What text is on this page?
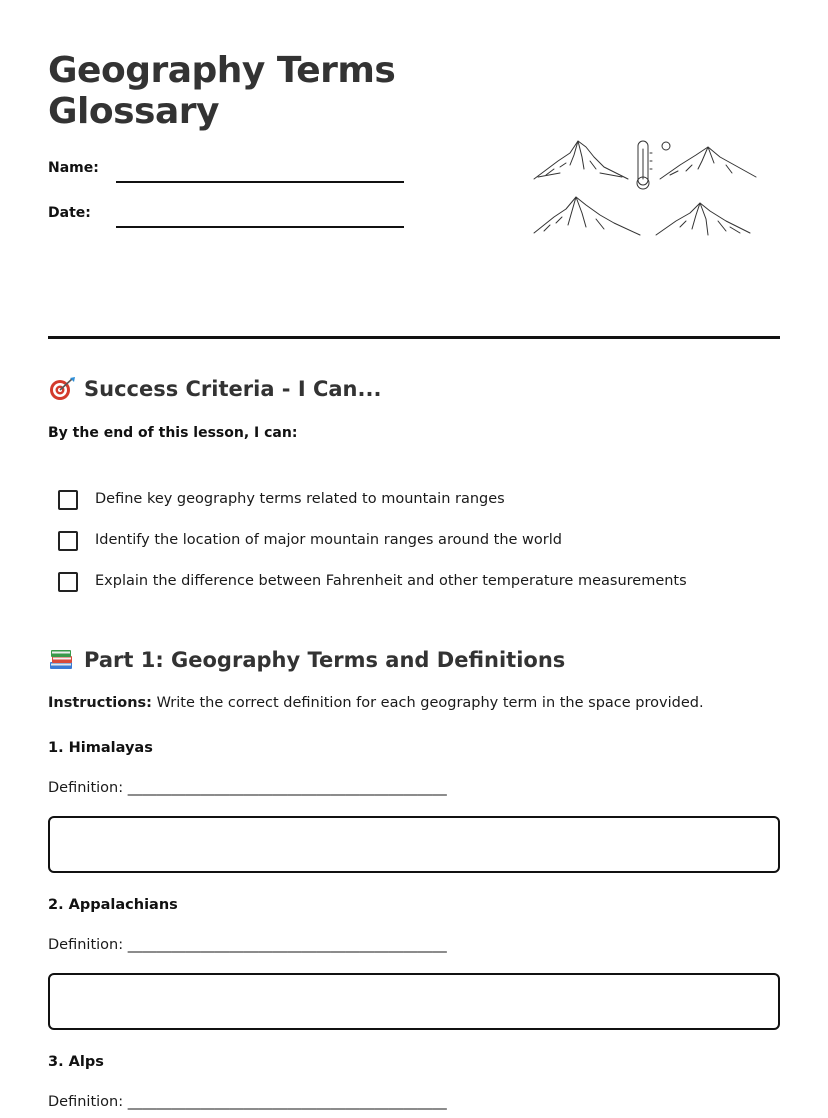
Geography Terms
Glossary
Name:
Date:
Success Criteria - I Can...
By the end of this lesson, I can:
Define key geography terms related to mountain ranges
Identify the location of major mountain ranges around the world
Explain the difference between Fahrenheit and other temperature measurements
Part 1: Geography Terms and Definitions
Instructions: Write the correct definition for each geography term in the space provided.
1. Himalayas
Definition: ____________________________________________
2. Appalachians
Definition: ____________________________________________
3. Alps
Definition: ____________________________________________
